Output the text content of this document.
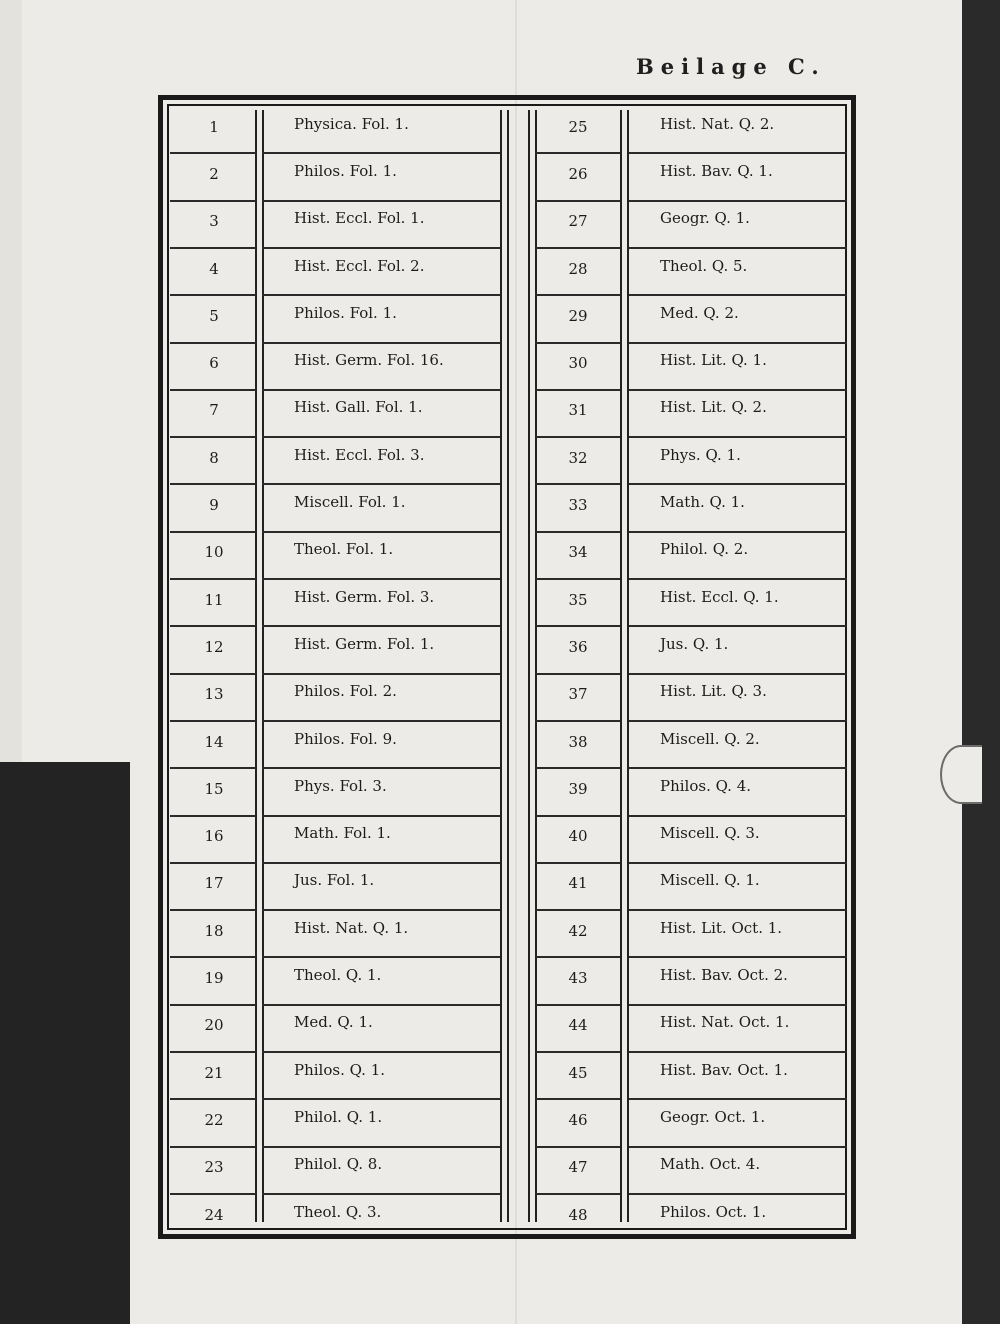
Beilage C.
1	Physica. Fol. 1.	25	Hist. Nat. Q. 2.
2	Philos. Fol. 1.	26	Hist. Bav. Q. 1.
3	Hist. Eccl. Fol. 1.	27	Geogr. Q. 1.
4	Hist. Eccl. Fol. 2.	28	Theol. Q. 5.
5	Philos. Fol. 1.	29	Med. Q. 2.
6	Hist. Germ. Fol. 16.	30	Hist. Lit. Q. 1.
7	Hist. Gall. Fol. 1.	31	Hist. Lit. Q. 2.
8	Hist. Eccl. Fol. 3.	32	Phys. Q. 1.
9	Miscell. Fol. 1.	33	Math. Q. 1.
10	Theol. Fol. 1.	34	Philol. Q. 2.
11	Hist. Germ. Fol. 3.	35	Hist. Eccl. Q. 1.
12	Hist. Germ. Fol. 1.	36	Jus. Q. 1.
13	Philos. Fol. 2.	37	Hist. Lit. Q. 3.
14	Philos. Fol. 9.	38	Miscell. Q. 2.
15	Phys. Fol. 3.	39	Philos. Q. 4.
16	Math. Fol. 1.	40	Miscell. Q. 3.
17	Jus. Fol. 1.	41	Miscell. Q. 1.
18	Hist. Nat. Q. 1.	42	Hist. Lit. Oct. 1.
19	Theol. Q. 1.	43	Hist. Bav. Oct. 2.
20	Med. Q. 1.	44	Hist. Nat. Oct. 1.
21	Philos. Q. 1.	45	Hist. Bav. Oct. 1.
22	Philol. Q. 1.	46	Geogr. Oct. 1.
23	Philol. Q. 8.	47	Math. Oct. 4.
24	Theol. Q. 3.	48	Philos. Oct. 1.
